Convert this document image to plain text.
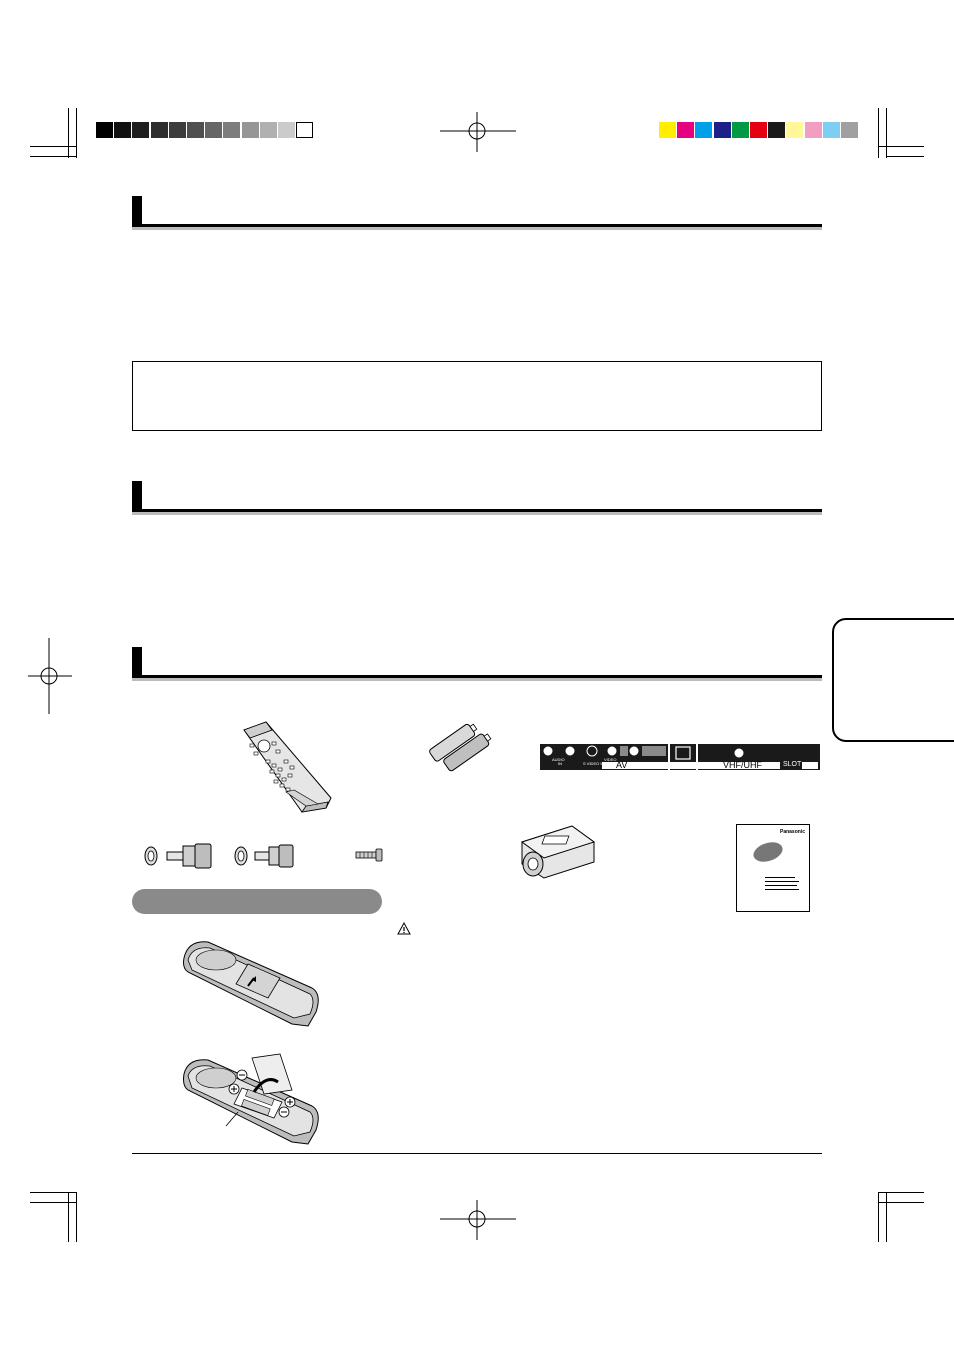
AV	VHF/UHF	SLOT
AUDIO
IN	S VIDEO IN
VIDEO
Panasonic
